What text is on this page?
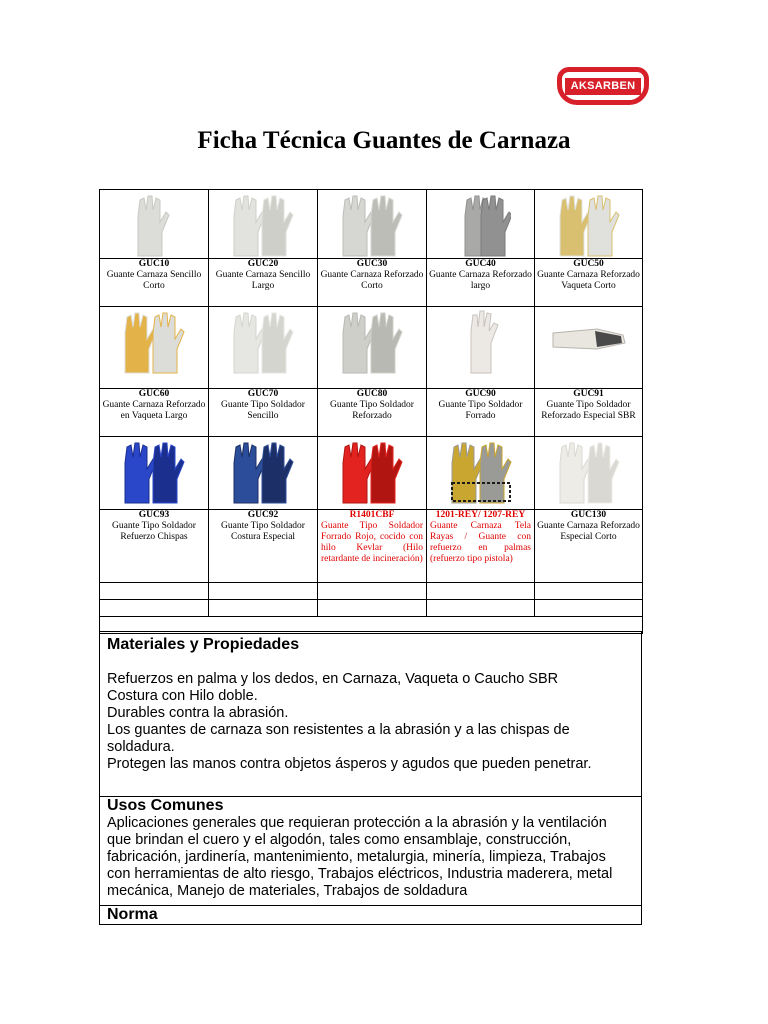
AKSARBEN
Ficha Técnica Guantes de Carnaza

GUC10
Guante Carnaza Sencillo Corto	GUC20
Guante Carnaza Sencillo Largo	GUC30
Guante Carnaza Reforzado Corto	GUC40
Guante Carnaza Reforzado largo	GUC50
Guante Carnaza Reforzado Vaqueta Corto

GUC60
Guante Carnaza Reforzado en Vaqueta Largo	GUC70
Guante Tipo Soldador Sencillo	GUC80
Guante Tipo Soldador Reforzado	GUC90
Guante Tipo Soldador Forrado	GUC91
Guante Tipo Soldador Reforzado Especial SBR

GUC93
Guante Tipo Soldador Refuerzo Chispas	GUC92
Guante Tipo Soldador Costura Especial	R1401CBF
Guante Tipo Soldador Forrado Rojo, cocido con hilo Kevlar (Hilo retardante de incineración)	1201-REY/ 1207-REY
Guante Carnaza Tela Rayas / Guante con refuerzo en palmas (refuerzo tipo pistola)	GUC130
Guante Carnaza Reforzado Especial Corto

Materiales y Propiedades
Refuerzos en palma y los dedos, en Carnaza, Vaqueta o Caucho SBR
Costura con Hilo doble.
Durables contra la abrasión.
Los guantes de carnaza son resistentes a la abrasión y a las chispas de
soldadura.
Protegen las manos contra objetos ásperos y agudos que pueden penetrar.
Usos Comunes
Aplicaciones generales que requieran protección a la abrasión y la ventilación
que brindan el cuero y el algodón, tales como ensamblaje, construcción,
fabricación, jardinería, mantenimiento, metalurgia, minería, limpieza, Trabajos
con herramientas de alto riesgo, Trabajos eléctricos, Industria maderera, metal
mecánica, Manejo de materiales, Trabajos de soldadura
Norma
